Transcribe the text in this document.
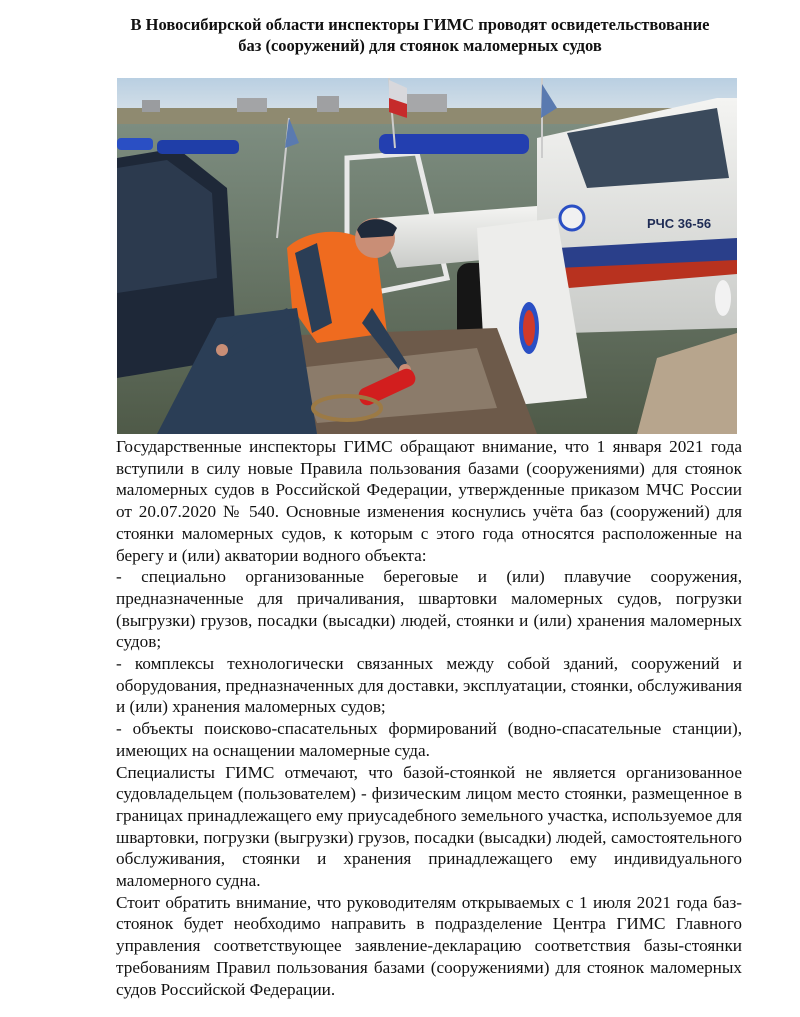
В Новосибирской области инспекторы ГИМС проводят освидетельствование
баз (сооружений) для стоянок маломерных судов
РЧС 36-56

Государственные инспекторы ГИМС обращают внимание, что 1 января 2021 года вступили в силу новые Правила пользования базами (сооружениями) для стоянок маломерных судов в Российской Федерации, утвержденные приказом МЧС России от 20.07.2020 № 540. Основные изменения коснулись учёта баз (сооружений) для стоянки маломерных судов, к которым с этого года относятся расположенные на берегу и (или) акватории водного объекта:

- специально организованные береговые и (или) плавучие сооружения, предназначенные для причаливания, швартовки маломерных судов, погрузки (выгрузки) грузов, посадки (высадки) людей, стоянки и (или) хранения маломерных судов;

- комплексы технологически связанных между собой зданий, сооружений и оборудования, предназначенных для доставки, эксплуатации, стоянки, обслуживания и (или) хранения маломерных судов;

- объекты поисково-спасательных формирований (водно-спасательные станции), имеющих на оснащении маломерные суда.

Специалисты ГИМС отмечают, что базой-стоянкой не является организованное судовладельцем (пользователем) - физическим лицом место стоянки, размещенное в границах принадлежащего ему приусадебного земельного участка, используемое для швартовки, погрузки (выгрузки) грузов, посадки (высадки) людей, самостоятельного обслуживания, стоянки и хранения принадлежащего ему индивидуального маломерного судна.

Стоит обратить внимание, что руководителям открываемых с 1 июля 2021 года баз-стоянок будет необходимо направить в подразделение Центра ГИМС Главного управления соответствующее заявление-декларацию соответствия базы-стоянки требованиям Правил пользования базами (сооружениями) для стоянок маломерных судов Российской Федерации.
